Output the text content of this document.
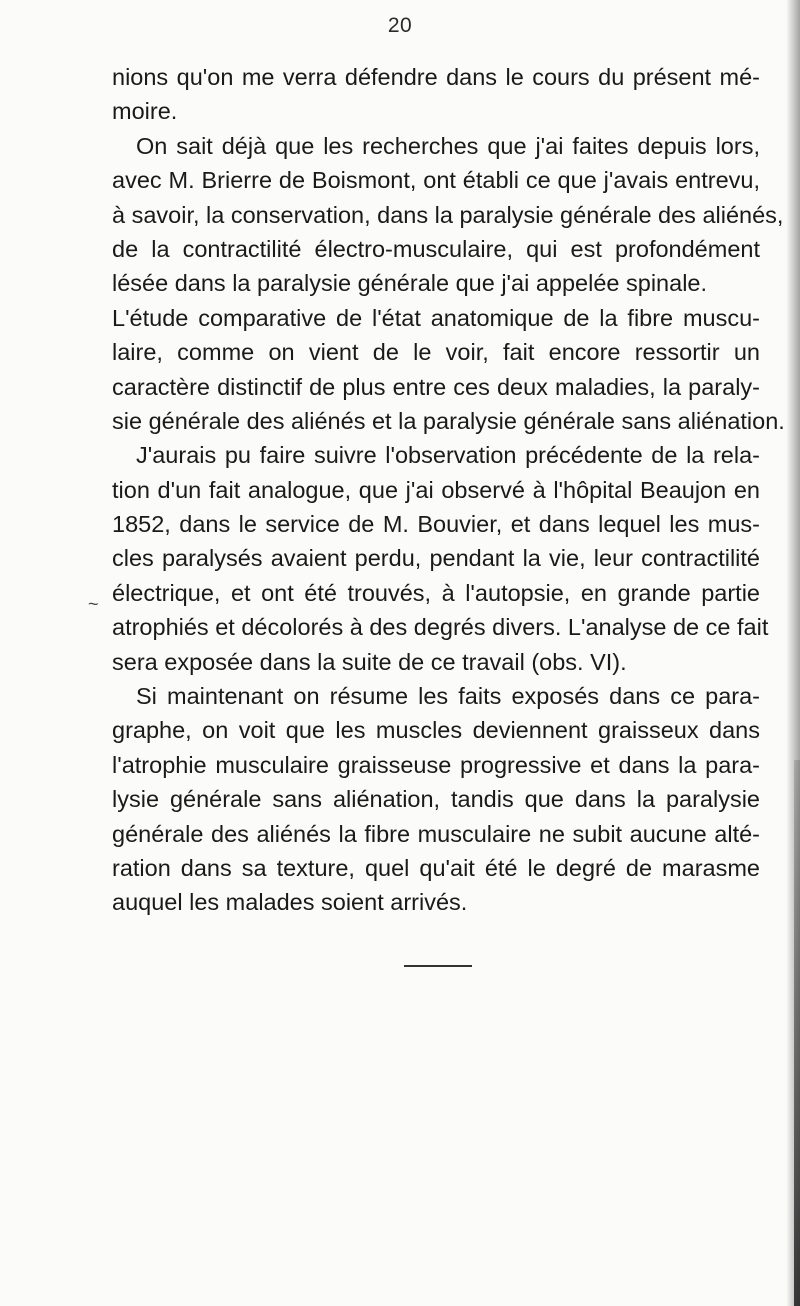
20
nions qu'on me verra défendre dans le cours du présent mé-
moire.
On sait déjà que les recherches que j'ai faites depuis lors,
avec M. Brierre de Boismont, ont établi ce que j'avais entrevu,
à savoir, la conservation, dans la paralysie générale des aliénés,
de la contractilité électro-musculaire, qui est profondément
lésée dans la paralysie générale que j'ai appelée spinale.
L'étude comparative de l'état anatomique de la fibre muscu-
laire, comme on vient de le voir, fait encore ressortir un
caractère distinctif de plus entre ces deux maladies, la paraly-
sie générale des aliénés et la paralysie générale sans aliénation.
J'aurais pu faire suivre l'observation précédente de la rela-
tion d'un fait analogue, que j'ai observé à l'hôpital Beaujon en
1852, dans le service de M. Bouvier, et dans lequel les mus-
cles paralysés avaient perdu, pendant la vie, leur contractilité
électrique, et ont été trouvés, à l'autopsie, en grande partie
atrophiés et décolorés à des degrés divers. L'analyse de ce fait
sera exposée dans la suite de ce travail (obs. VI).
Si maintenant on résume les faits exposés dans ce para-
graphe, on voit que les muscles deviennent graisseux dans
l'atrophie musculaire graisseuse progressive et dans la para-
lysie générale sans aliénation, tandis que dans la paralysie
générale des aliénés la fibre musculaire ne subit aucune alté-
ration dans sa texture, quel qu'ait été le degré de marasme
auquel les malades soient arrivés.
~
